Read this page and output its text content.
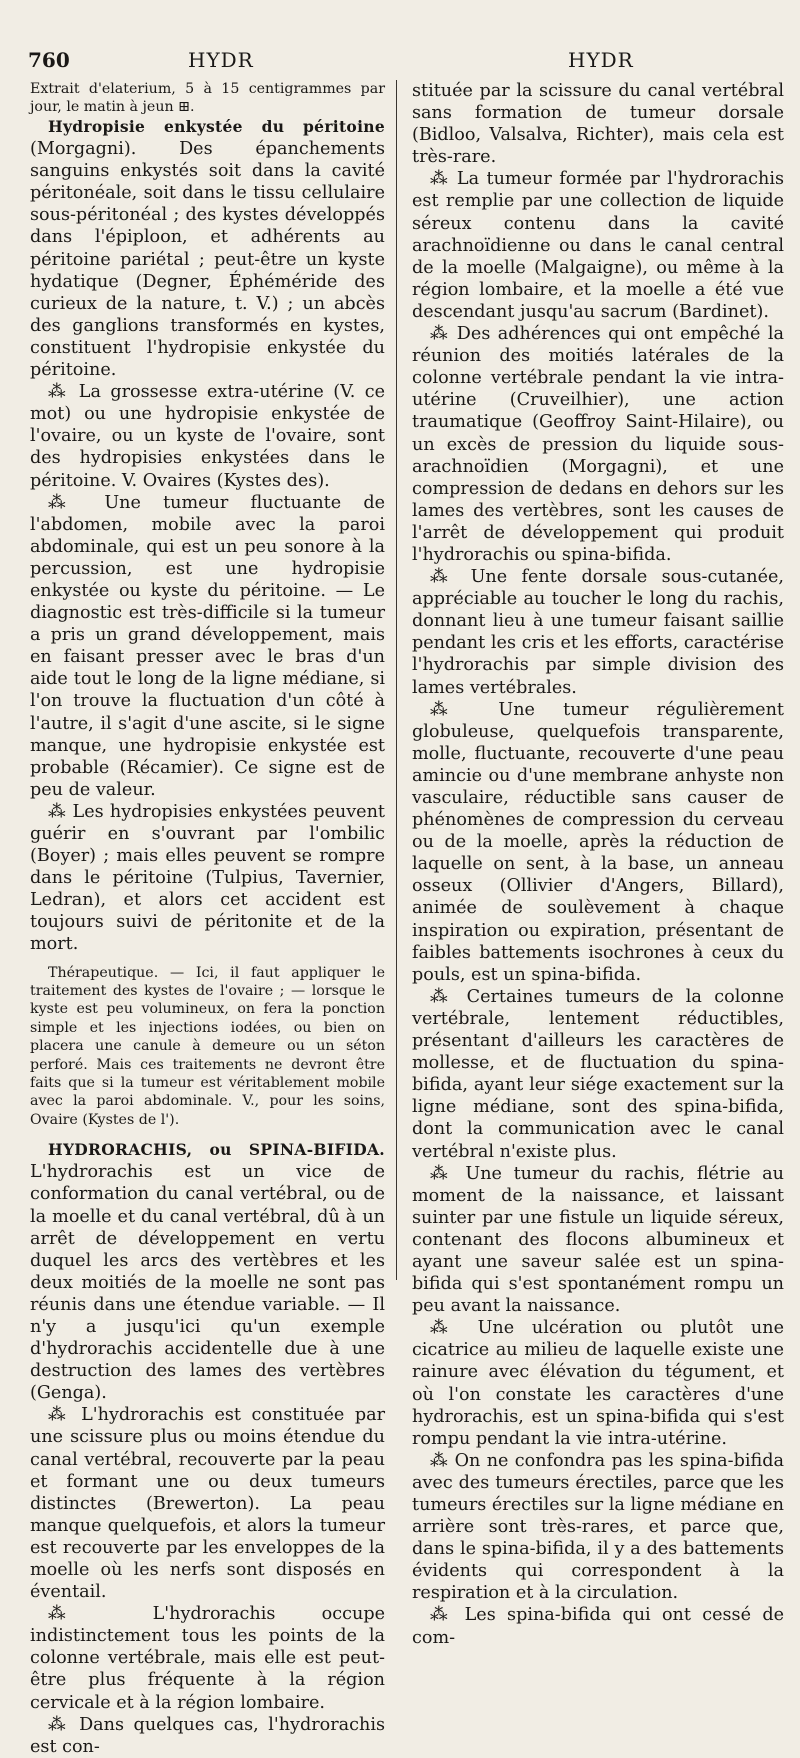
760	HYDR	HYDR

Extrait d'elaterium, 5 à 15 centigrammes par jour, le matin à jeun ⊞.

Hydropisie enkystée du péritoine (Morgagni). Des épanchements sanguins enkystés soit dans la cavité péritonéale, soit dans le tissu cellulaire sous-péritonéal ; des kystes développés dans l'épiploon, et adhérents au péritoine pariétal ; peut-être un kyste hydatique (Degner, Éphéméride des curieux de la nature, t. V.) ; un abcès des ganglions transformés en kystes, constituent l'hydropisie enkystée du péritoine.

⁂ La grossesse extra-utérine (V. ce mot) ou une hydropisie enkystée de l'ovaire, ou un kyste de l'ovaire, sont des hydropisies enkystées dans le péritoine. V. Ovaires (Kystes des).

⁂ Une tumeur fluctuante de l'abdomen, mobile avec la paroi abdominale, qui est un peu sonore à la percussion, est une hydropisie enkystée ou kyste du péritoine. — Le diagnostic est très-difficile si la tumeur a pris un grand développement, mais en faisant presser avec le bras d'un aide tout le long de la ligne médiane, si l'on trouve la fluctuation d'un côté à l'autre, il s'agit d'une ascite, si le signe manque, une hydropisie enkystée est probable (Récamier). Ce signe est de peu de valeur.

⁂ Les hydropisies enkystées peuvent guérir en s'ouvrant par l'ombilic (Boyer) ; mais elles peuvent se rompre dans le péritoine (Tulpius, Tavernier, Ledran), et alors cet accident est toujours suivi de péritonite et de la mort.

Thérapeutique. — Ici, il faut appliquer le traitement des kystes de l'ovaire ; — lorsque le kyste est peu volumineux, on fera la ponction simple et les injections iodées, ou bien on placera une canule à demeure ou un séton perforé. Mais ces traitements ne devront être faits que si la tumeur est véritablement mobile avec la paroi abdominale. V., pour les soins, Ovaire (Kystes de l').

HYDRORACHIS, ou SPINA-BIFIDA. L'hydrorachis est un vice de conformation du canal vertébral, ou de la moelle et du canal vertébral, dû à un arrêt de développement en vertu duquel les arcs des vertèbres et les deux moitiés de la moelle ne sont pas réunis dans une étendue variable. — Il n'y a jusqu'ici qu'un exemple d'hydrorachis accidentelle due à une destruction des lames des vertèbres (Genga).

⁂ L'hydrorachis est constituée par une scissure plus ou moins étendue du canal vertébral, recouverte par la peau et formant une ou deux tumeurs distinctes (Brewerton). La peau manque quelquefois, et alors la tumeur est recouverte par les enveloppes de la moelle où les nerfs sont disposés en éventail.

⁂ L'hydrorachis occupe indistinctement tous les points de la colonne vertébrale, mais elle est peut-être plus fréquente à la région cervicale et à la région lombaire.

⁂ Dans quelques cas, l'hydrorachis est con-

stituée par la scissure du canal vertébral sans formation de tumeur dorsale (Bidloo, Valsalva, Richter), mais cela est très-rare.

⁂ La tumeur formée par l'hydrorachis est remplie par une collection de liquide séreux contenu dans la cavité arachnoïdienne ou dans le canal central de la moelle (Malgaigne), ou même à la région lombaire, et la moelle a été vue descendant jusqu'au sacrum (Bardinet).

⁂ Des adhérences qui ont empêché la réunion des moitiés latérales de la colonne vertébrale pendant la vie intra-utérine (Cruveilhier), une action traumatique (Geoffroy Saint-Hilaire), ou un excès de pression du liquide sous-arachnoïdien (Morgagni), et une compression de dedans en dehors sur les lames des vertèbres, sont les causes de l'arrêt de développement qui produit l'hydrorachis ou spina-bifida.

⁂ Une fente dorsale sous-cutanée, appréciable au toucher le long du rachis, donnant lieu à une tumeur faisant saillie pendant les cris et les efforts, caractérise l'hydrorachis par simple division des lames vertébrales.

⁂ Une tumeur régulièrement globuleuse, quelquefois transparente, molle, fluctuante, recouverte d'une peau amincie ou d'une membrane anhyste non vasculaire, réductible sans causer de phénomènes de compression du cerveau ou de la moelle, après la réduction de laquelle on sent, à la base, un anneau osseux (Ollivier d'Angers, Billard), animée de soulèvement à chaque inspiration ou expiration, présentant de faibles battements isochrones à ceux du pouls, est un spina-bifida.

⁂ Certaines tumeurs de la colonne vertébrale, lentement réductibles, présentant d'ailleurs les caractères de mollesse, et de fluctuation du spina-bifida, ayant leur siége exactement sur la ligne médiane, sont des spina-bifida, dont la communication avec le canal vertébral n'existe plus.

⁂ Une tumeur du rachis, flétrie au moment de la naissance, et laissant suinter par une fistule un liquide séreux, contenant des flocons albumineux et ayant une saveur salée est un spina-bifida qui s'est spontanément rompu un peu avant la naissance.

⁂ Une ulcération ou plutôt une cicatrice au milieu de laquelle existe une rainure avec élévation du tégument, et où l'on constate les caractères d'une hydrorachis, est un spina-bifida qui s'est rompu pendant la vie intra-utérine.

⁂ On ne confondra pas les spina-bifida avec des tumeurs érectiles, parce que les tumeurs érectiles sur la ligne médiane en arrière sont très-rares, et parce que, dans le spina-bifida, il y a des battements évidents qui correspondent à la respiration et à la circulation.

⁂ Les spina-bifida qui ont cessé de com-
